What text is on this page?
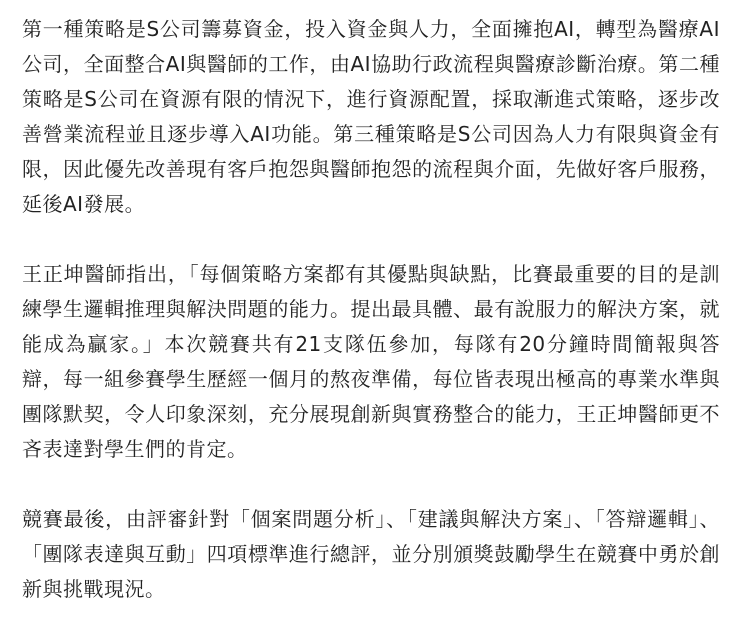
第一種策略是S公司籌募資金，投入資金與人力，全面擁抱AI，轉型為醫療AI公司，全面整合AI與醫師的工作，由AI協助行政流程與醫療診斷治療。第二種策略是S公司在資源有限的情況下，進行資源配置，採取漸進式策略，逐步改善營業流程並且逐步導入AI功能。第三種策略是S公司因為人力有限與資金有限，因此優先改善現有客戶抱怨與醫師抱怨的流程與介面，先做好客戶服務，延後AI發展。

王正坤醫師指出，「每個策略方案都有其優點與缺點，比賽最重要的目的是訓練學生邏輯推理與解決問題的能力。提出最具體、最有說服力的解決方案，就能成為贏家。」本次競賽共有21支隊伍參加，每隊有20分鐘時間簡報與答辯，每一組參賽學生歷經一個月的熬夜準備，每位皆表現出極高的專業水準與團隊默契，令人印象深刻，充分展現創新與實務整合的能力，王正坤醫師更不吝表達對學生們的肯定。

競賽最後，由評審針對「個案問題分析」、「建議與解決方案」、「答辯邏輯」、「團隊表達與互動」四項標準進行總評，並分別頒獎鼓勵學生在競賽中勇於創新與挑戰現況。
